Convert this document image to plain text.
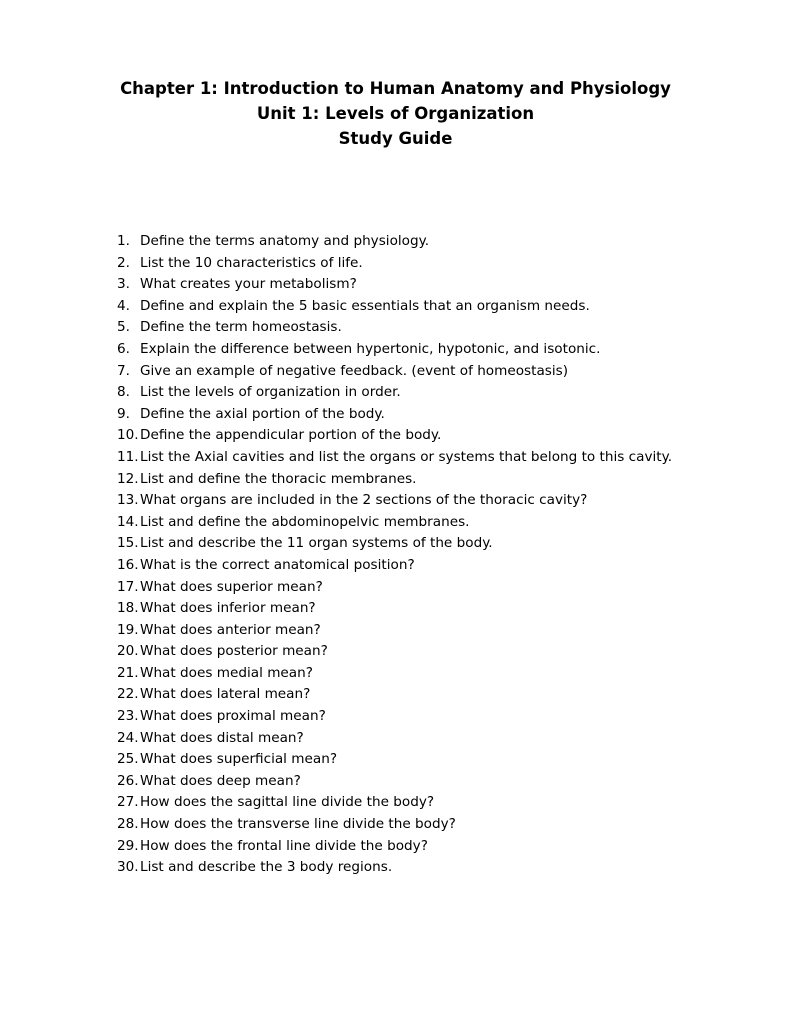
Chapter 1: Introduction to Human Anatomy and Physiology
Unit 1: Levels of Organization
Study Guide
1. Define the terms anatomy and physiology.
2. List the 10 characteristics of life.
3. What creates your metabolism?
4. Define and explain the 5 basic essentials that an organism needs.
5. Define the term homeostasis.
6. Explain the difference between hypertonic, hypotonic, and isotonic.
7. Give an example of negative feedback. (event of homeostasis)
8. List the levels of organization in order.
9. Define the axial portion of the body.
10. Define the appendicular portion of the body.
11. List the Axial cavities and list the organs or systems that belong to this cavity.
12. List and define the thoracic membranes.
13. What organs are included in the 2 sections of the thoracic cavity?
14. List and define the abdominopelvic membranes.
15. List and describe the 11 organ systems of the body.
16. What is the correct anatomical position?
17. What does superior mean?
18. What does inferior mean?
19. What does anterior mean?
20. What does posterior mean?
21. What does medial mean?
22. What does lateral mean?
23. What does proximal mean?
24. What does distal mean?
25. What does superficial mean?
26. What does deep mean?
27. How does the sagittal line divide the body?
28. How does the transverse line divide the body?
29. How does the frontal line divide the body?
30. List and describe the 3 body regions.
